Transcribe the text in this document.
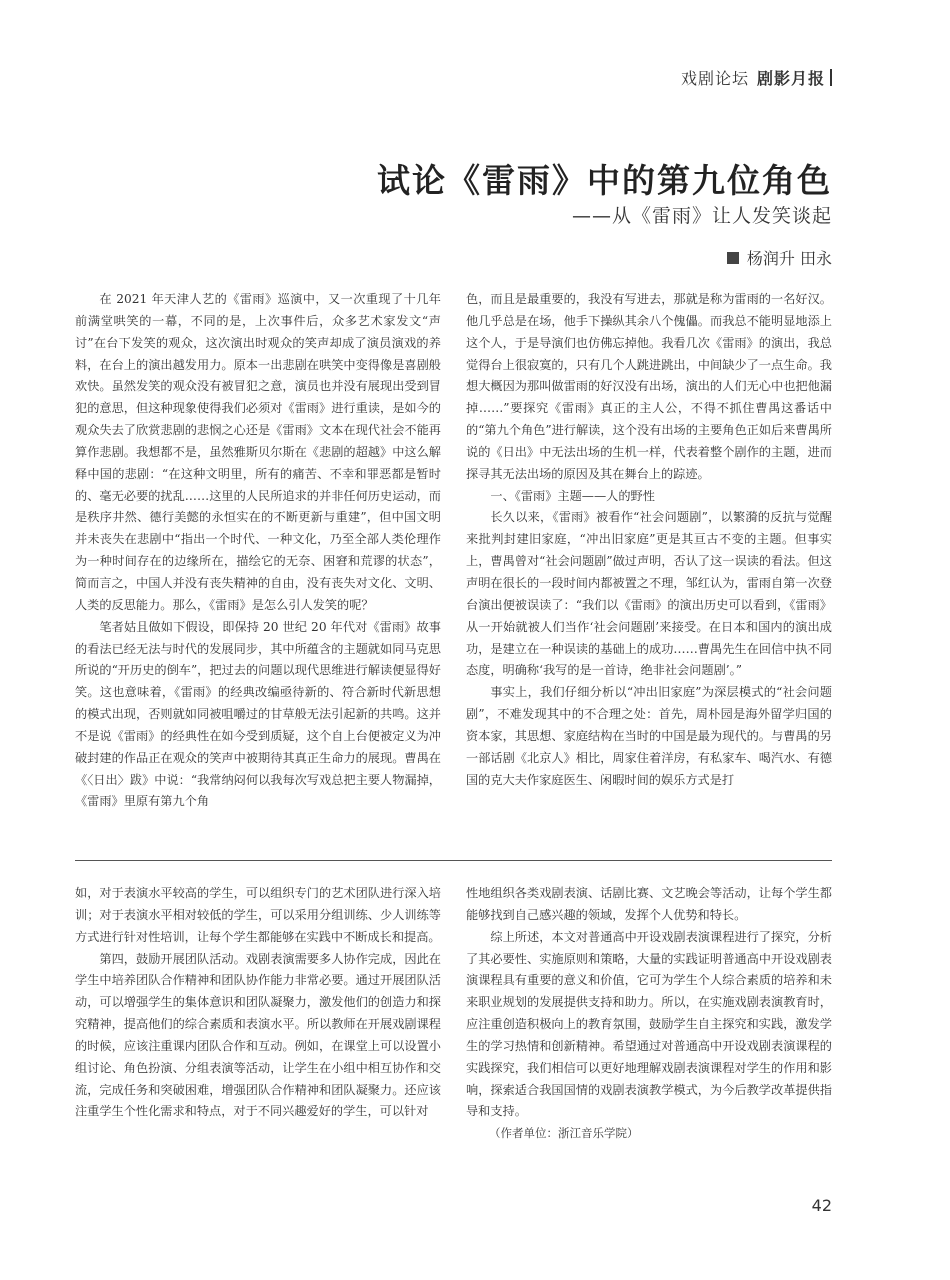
戏剧论坛 剧影月报
试论《雷雨》中的第九位角色
——从《雷雨》让人发笑谈起
杨润升 田永

在 2021 年天津人艺的《雷雨》巡演中，又一次重现了十几年前满堂哄笑的一幕，不同的是，上次事件后，众多艺术家发文“声讨”在台下发笑的观众，这次演出时观众的笑声却成了演员演戏的养料，在台上的演出越发用力。原本一出悲剧在哄笑中变得像是喜剧般欢快。虽然发笑的观众没有被冒犯之意，演员也并没有展现出受到冒犯的意思，但这种现象使得我们必须对《雷雨》进行重读，是如今的观众失去了欣赏悲剧的悲悯之心还是《雷雨》文本在现代社会不能再算作悲剧。我想都不是，虽然雅斯贝尔斯在《悲剧的超越》中这么解释中国的悲剧：“在这种文明里，所有的痛苦、不幸和罪恶都是暂时的、毫无必要的扰乱……这里的人民所追求的并非任何历史运动，而是秩序井然、德行美懿的永恒实在的不断更新与重建”，但中国文明并未丧失在悲剧中“指出一个时代、一种文化，乃至全部人类伦理作为一种时间存在的边缘所在，描绘它的无奈、困窘和荒谬的状态”，简而言之，中国人并没有丧失精神的自由，没有丧失对文化、文明、人类的反思能力。那么，《雷雨》是怎么引人发笑的呢？

笔者姑且做如下假设，即保持 20 世纪 20 年代对《雷雨》故事的看法已经无法与时代的发展同步，其中所蕴含的主题就如同马克思所说的“开历史的倒车”，把过去的问题以现代思维进行解读便显得好笑。这也意味着，《雷雨》的经典改编亟待新的、符合新时代新思想的模式出现，否则就如同被咀嚼过的甘草般无法引起新的共鸣。这并不是说《雷雨》的经典性在如今受到质疑，这个自上台便被定义为冲破封建的作品正在观众的笑声中被期待其真正生命力的展现。曹禺在《〈日出〉跋》中说：“我常纳闷何以我每次写戏总把主要人物漏掉，《雷雨》里原有第九个角

色，而且是最重要的，我没有写进去，那就是称为雷雨的一名好汉。他几乎总是在场，他手下操纵其余八个傀儡。而我总不能明显地添上这个人，于是导演们也仿佛忘掉他。我看几次《雷雨》的演出，我总觉得台上很寂寞的，只有几个人跳进跳出，中间缺少了一点生命。我想大概因为那叫做雷雨的好汉没有出场，演出的人们无心中也把他漏掉……”要探究《雷雨》真正的主人公，不得不抓住曹禺这番话中的“第九个角色”进行解读，这个没有出场的主要角色正如后来曹禺所说的《日出》中无法出场的生机一样，代表着整个剧作的主题，进而探寻其无法出场的原因及其在舞台上的踪迹。

一、《雷雨》主题——人的野性

长久以来，《雷雨》被看作“社会问题剧”，以繁漪的反抗与觉醒来批判封建旧家庭，“冲出旧家庭”更是其亘古不变的主题。但事实上，曹禺曾对“社会问题剧”做过声明，否认了这一误读的看法。但这声明在很长的一段时间内都被置之不理，邹红认为，雷雨自第一次登台演出便被误读了：“我们以《雷雨》的演出历史可以看到，《雷雨》从一开始就被人们当作‘社会问题剧’来接受。在日本和国内的演出成功，是建立在一种误读的基础上的成功……曹禺先生在回信中执不同态度，明确称‘我写的是一首诗，绝非社会问题剧’。”

事实上，我们仔细分析以“冲出旧家庭”为深层模式的“社会问题剧”，不难发现其中的不合理之处：首先，周朴园是海外留学归国的资本家，其思想、家庭结构在当时的中国是最为现代的。与曹禺的另一部话剧《北京人》相比，周家住着洋房，有私家车、喝汽水、有德国的克大夫作家庭医生、闲暇时间的娱乐方式是打

如，对于表演水平较高的学生，可以组织专门的艺术团队进行深入培训；对于表演水平相对较低的学生，可以采用分组训练、少人训练等方式进行针对性培训，让每个学生都能够在实践中不断成长和提高。

第四，鼓励开展团队活动。戏剧表演需要多人协作完成，因此在学生中培养团队合作精神和团队协作能力非常必要。通过开展团队活动，可以增强学生的集体意识和团队凝聚力，激发他们的创造力和探究精神，提高他们的综合素质和表演水平。所以教师在开展戏剧课程的时候，应该注重课内团队合作和互动。例如，在课堂上可以设置小组讨论、角色扮演、分组表演等活动，让学生在小组中相互协作和交流，完成任务和突破困难，增强团队合作精神和团队凝聚力。还应该注重学生个性化需求和特点，对于不同兴趣爱好的学生，可以针对

性地组织各类戏剧表演、话剧比赛、文艺晚会等活动，让每个学生都能够找到自己感兴趣的领域，发挥个人优势和特长。

综上所述，本文对普通高中开设戏剧表演课程进行了探究，分析了其必要性、实施原则和策略，大量的实践证明普通高中开设戏剧表演课程具有重要的意义和价值，它可为学生个人综合素质的培养和未来职业规划的发展提供支持和助力。所以，在实施戏剧表演教育时，应注重创造积极向上的教育氛围，鼓励学生自主探究和实践，激发学生的学习热情和创新精神。希望通过对普通高中开设戏剧表演课程的实践探究，我们相信可以更好地理解戏剧表演课程对学生的作用和影响，探索适合我国国情的戏剧表演教学模式，为今后教学改革提供指导和支持。

（作者单位：浙江音乐学院）

42
